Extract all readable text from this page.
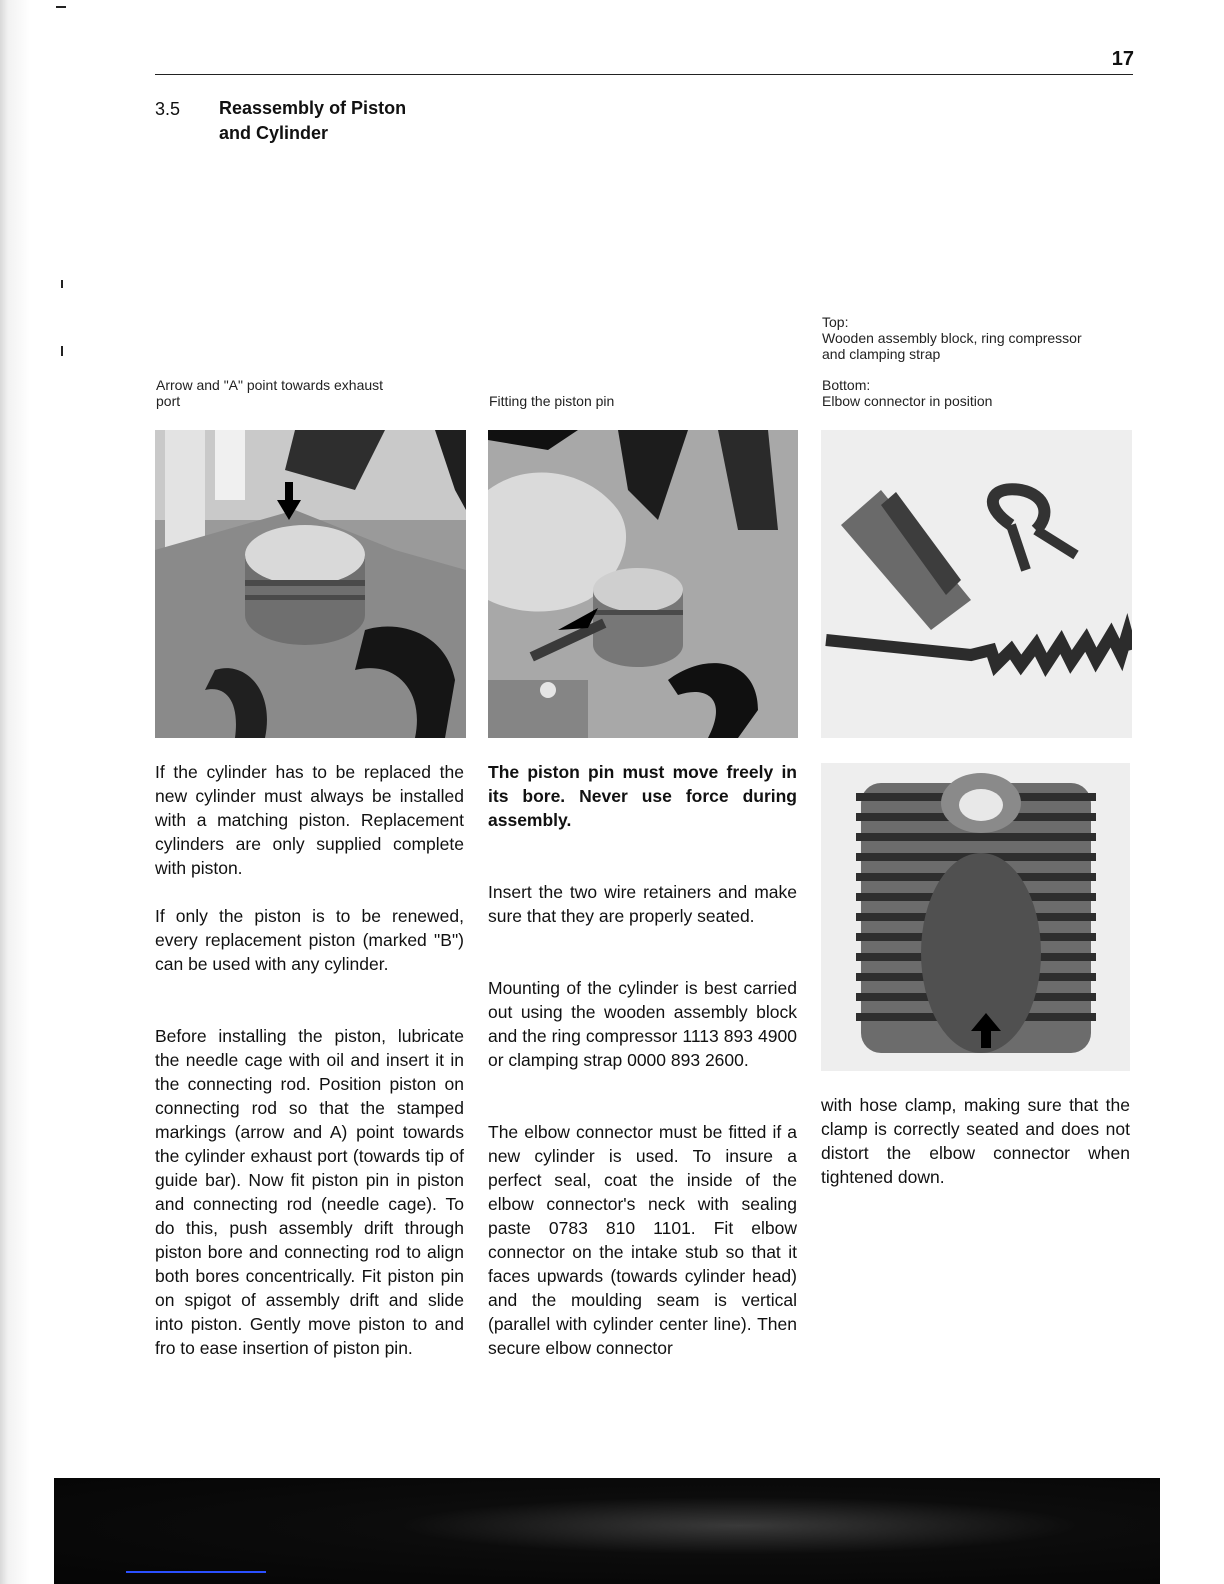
17
3.5 Reassembly of Piston
and Cylinder
Arrow and "A" point towards exhaust
port	Fitting the piston pin
Top:
Wooden assembly block, ring compressor
and clamping strap
Bottom:
Elbow connector in position

If the cylinder has to be replaced the new cylinder must always be installed with a matching piston. Replacement cylinders are only supplied complete with piston.

If only the piston is to be renewed, every replacement piston (marked "B") can be used with any cylinder.

Before installing the piston, lubricate the needle cage with oil and insert it in the connecting rod. Position piston on connecting rod so that the stamped markings (arrow and A) point towards the cylinder exhaust port (towards tip of guide bar). Now fit piston pin in piston and connecting rod (needle cage). To do this, push assembly drift through piston bore and connecting rod to align both bores concentrically. Fit piston pin on spigot of assembly drift and slide into piston. Gently move piston to and fro to ease insertion of piston pin.

The piston pin must move freely in its bore. Never use force during assembly.

Insert the two wire retainers and make sure that they are properly seated.

Mounting of the cylinder is best carried out using the wooden assembly block and the ring compressor 1113 893 4900 or clamping strap 0000 893 2600.

The elbow connector must be fitted if a new cylinder is used. To insure a perfect seal, coat the inside of the elbow connector's neck with sealing paste 0783 810 1101. Fit elbow connector on the intake stub so that it faces upwards (towards cylinder head) and the moulding seam is vertical (parallel with cylinder center line). Then secure elbow connector

with hose clamp, making sure that the clamp is correctly seated and does not distort the elbow connector when tightened down.
